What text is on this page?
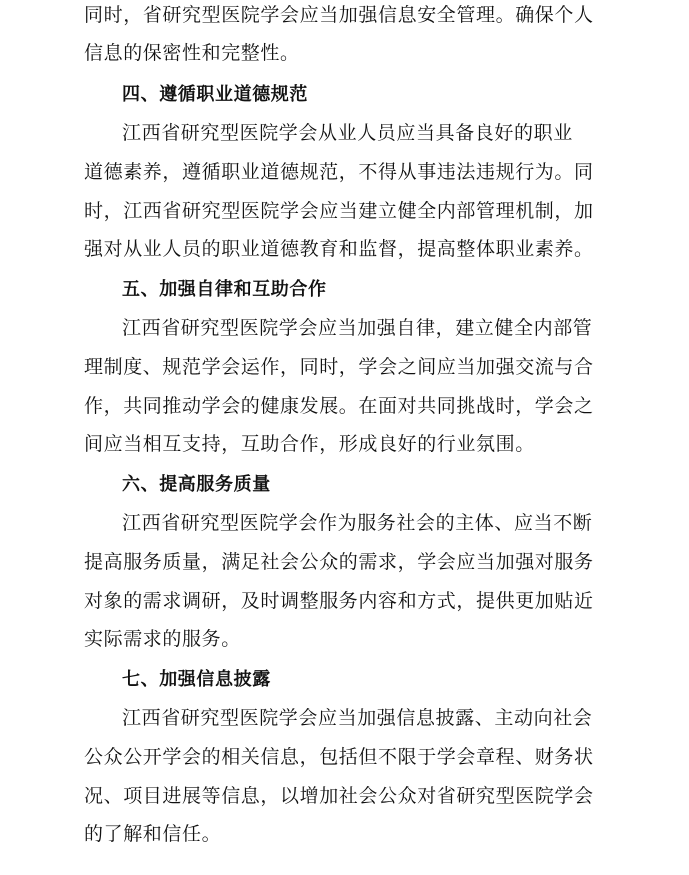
同时，省研究型医院学会应当加强信息安全管理。确保个人
信息的保密性和完整性。
四、遵循职业道德规范
江西省研究型医院学会从业人员应当具备良好的职业
道德素养，遵循职业道德规范，不得从事违法违规行为。同
时，江西省研究型医院学会应当建立健全内部管理机制，加
强对从业人员的职业道德教育和监督，提高整体职业素养。
五、加强自律和互助合作
江西省研究型医院学会应当加强自律，建立健全内部管
理制度、规范学会运作，同时，学会之间应当加强交流与合
作，共同推动学会的健康发展。在面对共同挑战时，学会之
间应当相互支持，互助合作，形成良好的行业氛围。
六、提高服务质量
江西省研究型医院学会作为服务社会的主体、应当不断
提高服务质量，满足社会公众的需求，学会应当加强对服务
对象的需求调研，及时调整服务内容和方式，提供更加贴近
实际需求的服务。
七、加强信息披露
江西省研究型医院学会应当加强信息披露、主动向社会
公众公开学会的相关信息，包括但不限于学会章程、财务状
况、项目进展等信息，以增加社会公众对省研究型医院学会
的了解和信任。
